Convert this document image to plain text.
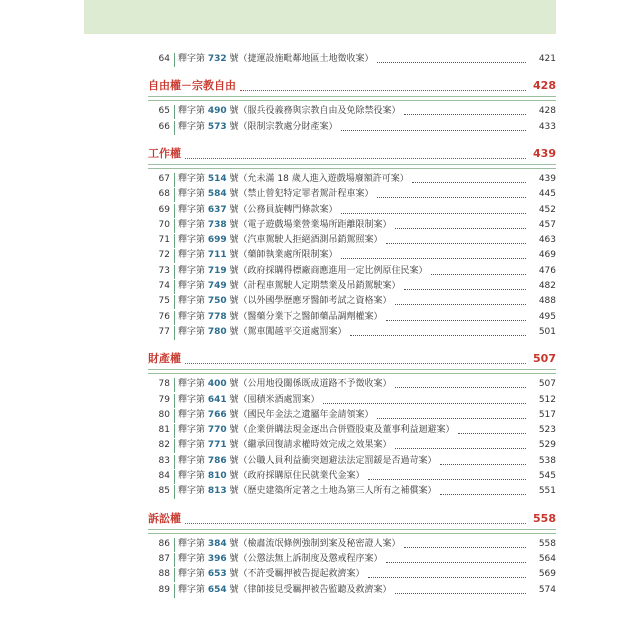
64 釋字第 732 號（捷運設施毗鄰地區土地徵收案）	421
自由權－宗教自由	428
65 釋字第 490 號（服兵役義務與宗教自由及免除禁役案）	428
66 釋字第 573 號（限制宗教處分財產案）	433
工作權	439
67 釋字第 514 號（允未滿 18 歲人進入遊戲場廢額許可案）	439
68 釋字第 584 號（禁止曾犯特定罪者駕計程車案）	445
69 釋字第 637 號（公務員旋轉門條款案）	452
70 釋字第 738 號（電子遊戲場業營業場所距離限制案）	457
71 釋字第 699 號（汽車駕駛人拒絕酒測吊銷駕照案）	463
72 釋字第 711 號（藥師執業處所限制案）	469
73 釋字第 719 號（政府採購得標廠商應進用一定比例原住民案）	476
74 釋字第 749 號（計程車駕駛人定期禁業及吊銷駕駛案）	482
75 釋字第 750 號（以外國學歷應牙醫師考試之資格案）	488
76 釋字第 778 號（醫藥分業下之醫師藥品調劑權案）	495
77 釋字第 780 號（駕車闖越平交道處罰案）	501
財產權	507
78 釋字第 400 號（公用地役關係既成道路不予徵收案）	507
79 釋字第 641 號（囤積米酒處罰案）	512
80 釋字第 766 號（國民年金法之遺屬年金請領案）	517
81 釋字第 770 號（企業併購法現金逐出合併暨股東及董事利益迴避案）	523
82 釋字第 771 號（繼承回復請求權時效完成之效果案）	529
83 釋字第 786 號（公職人員利益衝突迴避法法定罰鍰是否過苛案）	538
84 釋字第 810 號（政府採購原住民就業代金案）	545
85 釋字第 813 號（歷史建築所定著之土地為第三人所有之補償案）	551
訴訟權	558
86 釋字第 384 號（檢肅流氓條例強制到案及秘密證人案）	558
87 釋字第 396 號（公懲法無上訴制度及懲戒程序案）	564
88 釋字第 653 號（不許受羈押被告提起救濟案）	569
89 釋字第 654 號（律師接見受羈押被告監聽及救濟案）	574
